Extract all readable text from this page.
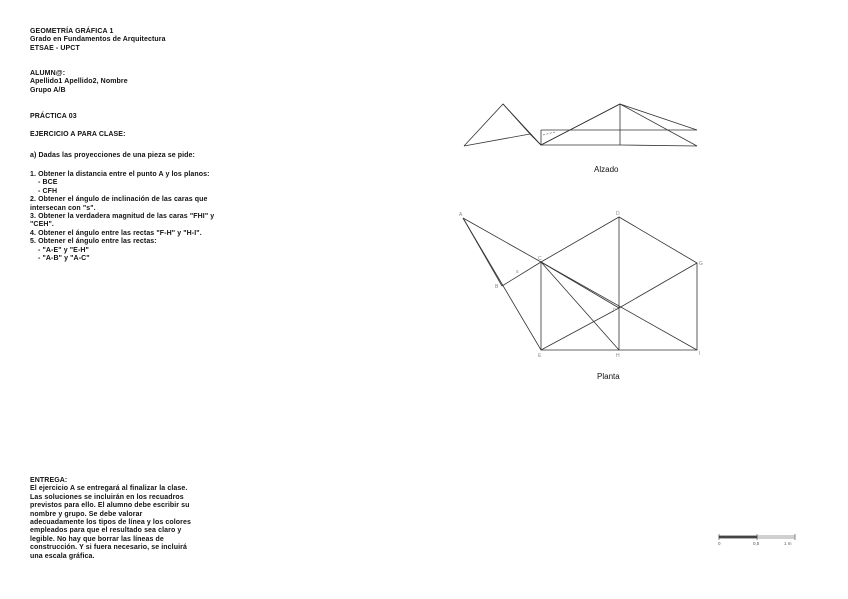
GEOMETRÍA GRÁFICA 1
Grado en Fundamentos de Arquitectura
ETSAE - UPCT
ALUMN@:
Apellido1 Apellido2, Nombre
Grupo A/B
PRÁCTICA 03
EJERCICIO A PARA CLASE:
a) Dadas las proyecciones de una pieza se pide:
1. Obtener la distancia entre el punto A y los planos:
- BCE
- CFH
2. Obtener el ángulo de inclinación de las caras que
intersecan con "s".
3. Obtener la verdadera magnitud de las caras "FHI" y
"CEH".
4. Obtener el ángulo entre las rectas "F-H" y "H-I".
5. Obtener el ángulo entre las rectas:
- "A-E" y "E-H"
- "A-B" y "A-C"
ENTREGA:
El ejercicio A se entregará al finalizar la clase.
Las soluciones se incluirán en los recuadros
previstos para ello. El alumno debe escribir su
nombre y grupo. Se debe valorar
adecuadamente los tipos de línea y los colores
empleados para que el resultado sea claro y
legible. No hay que borrar las líneas de
construcción. Y si fuera necesario, se incluirá
una escala gráfica.
Alzado
A
B
C
s
D
G
F
E	H	I
Planta
0	0,5	1 m
